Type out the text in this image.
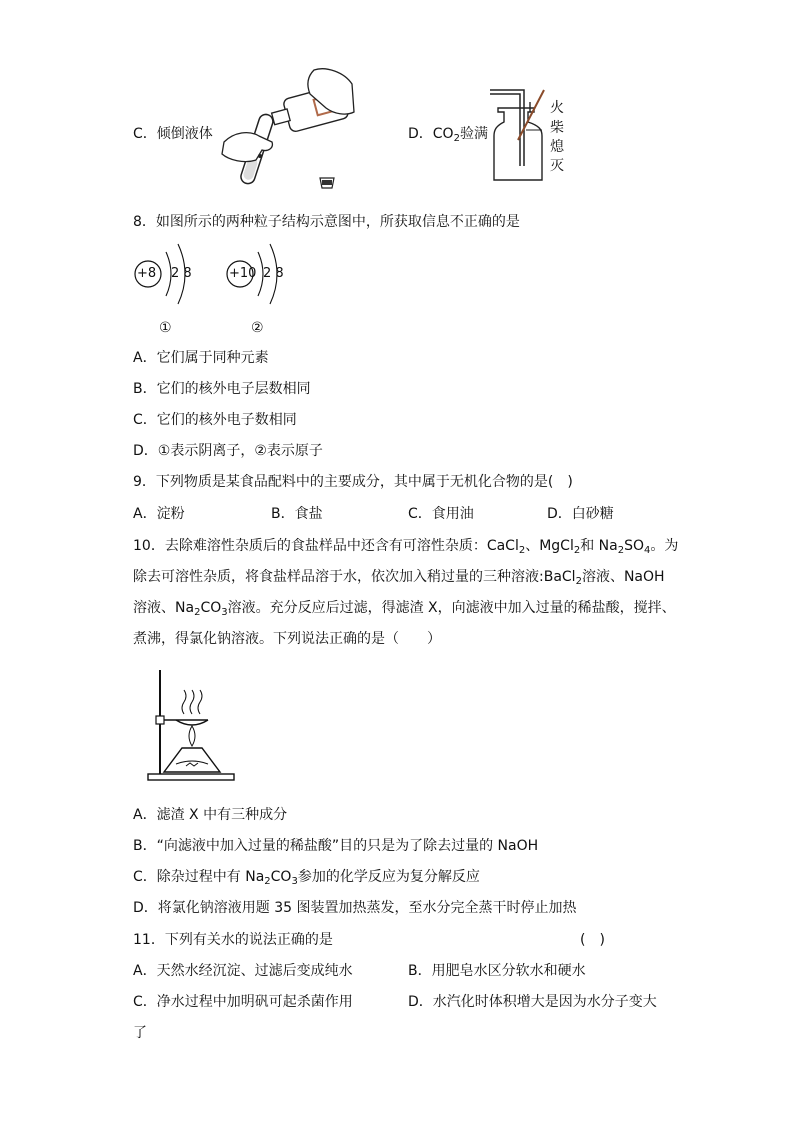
C．倾倒液体	D．$CO_2$验满
火
柴
熄
灭
8．如图所示的两种粒子结构示意图中，所获取信息不正确的是
+8 2 8	+10 2 8
①	②
A．它们属于同种元素
B．它们的核外电子层数相同
C．它们的核外电子数相同
D．①表示阴离子，②表示原子
9．下列物质是某食品配料中的主要成分，其中属于无机化合物的是(　)
A．淀粉	B．食盐	C．食用油	D．白砂糖
10．去除难溶性杂质后的食盐样品中还含有可溶性杂质：CaCl$_2$、MgCl$_2$和 $Na_2SO_4$。为
除去可溶性杂质，将食盐样品溶于水，依次加入稍过量的三种溶液:BaCl$_2$溶液、NaOH
溶液、$Na_2CO_3$溶液。充分反应后过滤，得滤渣 X，向滤液中加入过量的稀盐酸，搅拌、
煮沸，得氯化钠溶液。下列说法正确的是（　　）
A．滤渣 X 中有三种成分
B．“向滤液中加入过量的稀盐酸”目的只是为了除去过量的 NaOH
C．除杂过程中有 $Na_2CO_3$参加的化学反应为复分解反应
D．将氯化钠溶液用题 35 图装置加热蒸发，至水分完全蒸干时停止加热
11．下列有关水的说法正确的是	(　)
A．天然水经沉淀、过滤后变成纯水	B．用肥皂水区分软水和硬水
C．净水过程中加明矾可起杀菌作用	D．水汽化时体积增大是因为水分子变大
了
